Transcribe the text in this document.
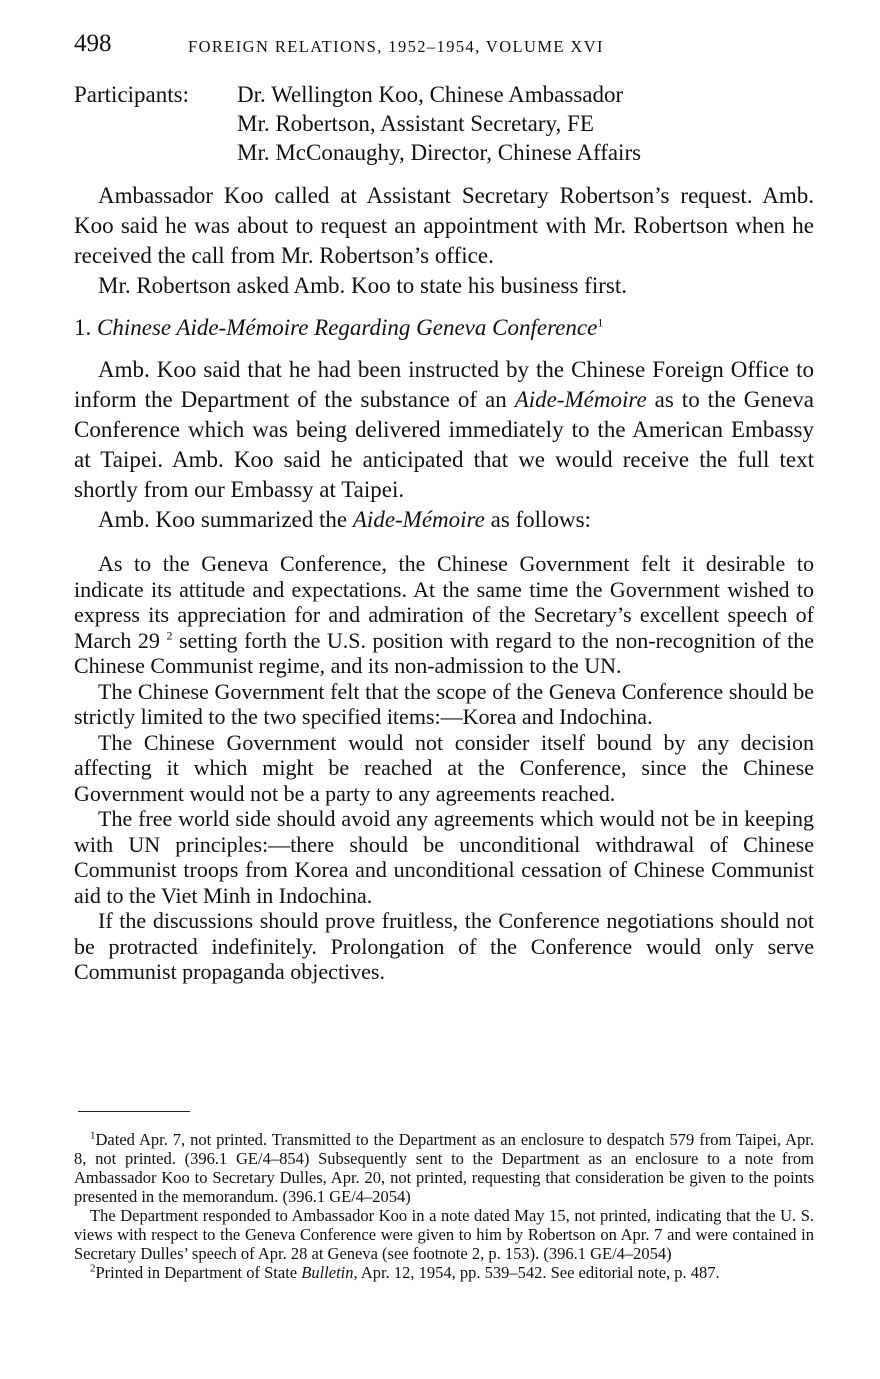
498	FOREIGN RELATIONS, 1952–1954, VOLUME XVI
Participants: Dr. Wellington Koo, Chinese Ambassador
Mr. Robertson, Assistant Secretary, FE
Mr. McConaughy, Director, Chinese Affairs

Ambassador Koo called at Assistant Secretary Robertson’s request. Amb. Koo said he was about to request an appointment with Mr. Robertson when he received the call from Mr. Robertson’s office.

Mr. Robertson asked Amb. Koo to state his business first.

1. Chinese Aide-Mémoire Regarding Geneva Conference$^1$

Amb. Koo said that he had been instructed by the Chinese Foreign Office to inform the Department of the substance of an Aide-Mémoire as to the Geneva Conference which was being delivered immediately to the American Embassy at Taipei. Amb. Koo said he anticipated that we would receive the full text shortly from our Embassy at Taipei.

Amb. Koo summarized the Aide-Mémoire as follows:

As to the Geneva Conference, the Chinese Government felt it desirable to indicate its attitude and expectations. At the same time the Government wished to express its appreciation for and admiration of the Secretary’s excellent speech of March 29 $^2$ setting forth the U.S. position with regard to the non-recognition of the Chinese Communist regime, and its non-admission to the UN.

The Chinese Government felt that the scope of the Geneva Conference should be strictly limited to the two specified items:—Korea and Indochina.

The Chinese Government would not consider itself bound by any decision affecting it which might be reached at the Conference, since the Chinese Government would not be a party to any agreements reached.

The free world side should avoid any agreements which would not be in keeping with UN principles:—there should be unconditional withdrawal of Chinese Communist troops from Korea and unconditional cessation of Chinese Communist aid to the Viet Minh in Indochina.

If the discussions should prove fruitless, the Conference negotiations should not be protracted indefinitely. Prolongation of the Conference would only serve Communist propaganda objectives.

$^1$Dated Apr. 7, not printed. Transmitted to the Department as an enclosure to despatch 579 from Taipei, Apr. 8, not printed. (396.1 GE/4–854) Subsequently sent to the Department as an enclosure to a note from Ambassador Koo to Secretary Dulles, Apr. 20, not printed, requesting that consideration be given to the points presented in the memorandum. (396.1 GE/4–2054)

The Department responded to Ambassador Koo in a note dated May 15, not printed, indicating that the U. S. views with respect to the Geneva Conference were given to him by Robertson on Apr. 7 and were contained in Secretary Dulles’ speech of Apr. 28 at Geneva (see footnote 2, p. 153). (396.1 GE/4–2054)

$^2$Printed in Department of State Bulletin, Apr. 12, 1954, pp. 539–542. See editorial note, p. 487.
